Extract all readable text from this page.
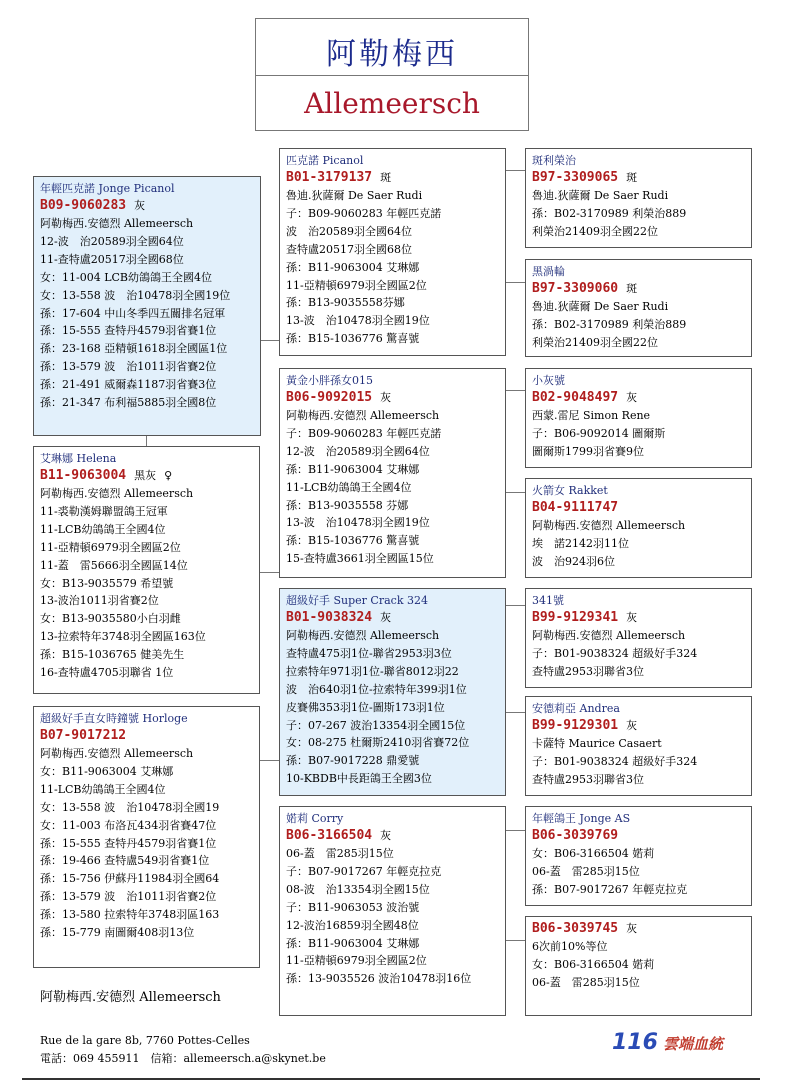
阿勒梅西
Allemeersch
年輕匹克諾 Jonge Picanol
B09-9060283 灰
阿勒梅西.安德烈 Allemeersch
12-波　治20589羽全國64位
11-查特盧20517羽全國68位
女：11-004 LCB幼鴿鴿王全國4位
女：13-558 波　治10478羽全國19位
孫：17-604 中山冬季四五關排名冠軍
孫：15-555 查特丹4579羽省賽1位
孫：23-168 亞精頓1618羽全國區1位
孫：13-579 波　治1011羽省賽2位
孫：21-491 威爾森1187羽省賽3位
孫：21-347 布利福5885羽全國8位
匹克諾 Picanol
B01-3179137 斑
魯迪.狄薩爾 De Saer Rudi
子：B09-9060283 年輕匹克諾
波　治20589羽全國64位
查特盧20517羽全國68位
孫：B11-9063004 艾琳娜
11-亞精頓6979羽全國區2位
孫：B13-9035558芬娜
13-波　治10478羽全國19位
孫：B15-1036776 驚喜號
黃金小胖孫女015
B06-9092015 灰
阿勒梅西.安德烈 Allemeersch
子：B09-9060283 年輕匹克諾
12-波　治20589羽全國64位
孫：B11-9063004 艾琳娜
11-LCB幼鴿鴿王全國4位
孫：B13-9035558 芬娜
13-波　治10478羽全國19位
孫：B15-1036776 驚喜號
15-查特盧3661羽全國區15位
斑利榮治
B97-3309065 斑
魯迪.狄薩爾 De Saer Rudi
孫：B02-3170989 利榮治889
利榮治21409羽全國22位
黑渦輪
B97-3309060 斑
魯迪.狄薩爾 De Saer Rudi
孫：B02-3170989 利榮治889
利榮治21409羽全國22位
小灰號
B02-9048497 灰
西蒙.雷尼 Simon Rene
子：B06-9092014 圖爾斯
圖爾斯1799羽省賽9位
火箭女 Rakket
B04-9111747
阿勒梅西.安德烈 Allemeersch
埃　諾2142羽11位
波　治924羽6位
艾琳娜 Helena
B11-9063004 黑灰 ♀
阿勒梅西.安德烈 Allemeersch
11-裘勒漢姆聯盟鴿王冠軍
11-LCB幼鴿鴿王全國4位
11-亞精頓6979羽全國區2位
11-蓋　雷5666羽全國區14位
女：B13-9035579 希望號
13-波治1011羽省賽2位
女：B13-9035580小白羽雌
13-拉索特年3748羽全國區163位
孫：B15-1036765 健美先生
16-查特盧4705羽聯省 1位
超級好手 Super Crack 324
B01-9038324 灰
阿勒梅西.安德烈 Allemeersch
查特盧475羽1位-聯省2953羽3位
拉索特年971羽1位-聯省8012羽22
波　治640羽1位-拉索特年399羽1位
皮賽佛353羽1位-圖斯173羽1位
子：07-267 波治13354羽全國15位
女：08-275 杜爾斯2410羽省賽72位
孫：B07-9017228 鼎愛號
10-KBDB中長距鴿王全國3位
341號
B99-9129341 灰
阿勒梅西.安德烈 Allemeersch
子：B01-9038324 超級好手324
查特盧2953羽聯省3位
安德莉亞 Andrea
B99-9129301 灰
卡薩特 Maurice Casaert
子：B01-9038324 超級好手324
查特盧2953羽聯省3位
超級好手直女時鐘號 Horloge
B07-9017212
阿勒梅西.安德烈 Allemeersch
女：B11-9063004 艾琳娜
11-LCB幼鴿鴿王全國4位
女：13-558 波　治10478羽全國19
女：11-003 布洛瓦434羽省賽47位
孫：15-555 查特丹4579羽省賽1位
孫：19-466 查特盧549羽省賽1位
孫：15-756 伊蘇丹11984羽全國64
孫：13-579 波　治1011羽省賽2位
孫：13-580 拉索特年3748羽區163
孫：15-779 南圖爾408羽13位
婼莉 Corry
B06-3166504 灰
06-蓋　雷285羽15位
子：B07-9017267 年輕克拉克
08-波　治13354羽全國15位
子：B11-9063053 波治號
12-波治16859羽全國48位
孫：B11-9063004 艾琳娜
11-亞精頓6979羽全國區2位
孫：13-9035526 波治10478羽16位
年輕鴿王 Jonge AS
B06-3039769
女：B06-3166504 婼莉
06-蓋　雷285羽15位
孫：B07-9017267 年輕克拉克
B06-3039745 灰
6次前10%等位
女：B06-3166504 婼莉
06-蓋　雷285羽15位
阿勒梅西.安德烈 Allemeersch
Rue de la gare 8b, 7760 Pottes-Celles
電話：069 455911　信箱：allemeersch.a@skynet.be
116 雲端血統
